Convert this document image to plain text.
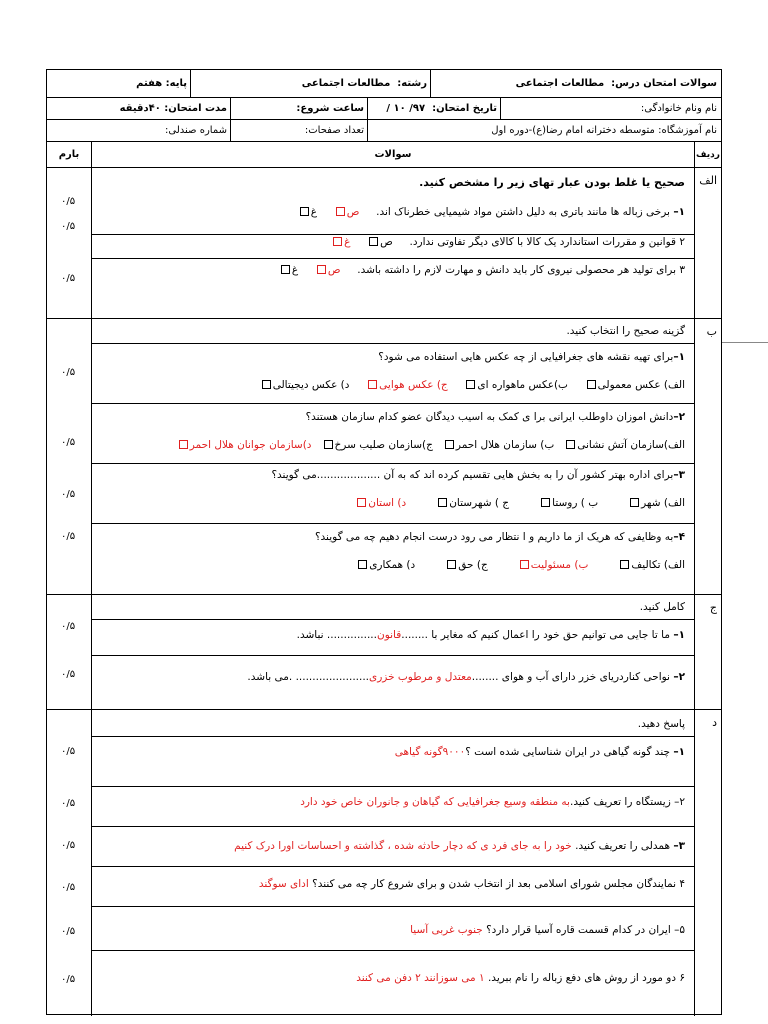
سوالات امتحان درس:

مطالعات اجتماعی
رشته:

مطالعات اجتماعی
پایه:

هفتم
نام ونام خانوادگی:
تاریخ امتحان:

۹۷/ ۱۰ /
ساعت شروع:
مدت امتحان:

۴۰دقیقه
نام آموزشگاه:

متوسطه دخترانه امام رضا(ع)-دوره اول
تعداد صفحات:
شماره صندلی:
ردیف
سوالات
بارم
الف
صحیح یا غلط بودن عبار تهای زیر را مشخص کنید.
۰/۵
۱– برخی زباله ها مانند باتری به دلیل داشتن مواد شیمیایی خطرناک اند.     ص     غ
۰/۵
۲ قوانین و مقررات استاندارد یک کالا با کالای دیگر تفاوتی ندارد.     ص     غ
۰/۵
۳ برای تولید هر محصولی نیروی کار باید دانش و مهارت لازم را داشته باشد.     ص     غ
ب
گزینه صحیح را انتخاب کنید.
۰/۵
۱–برای تهیه نقشه های جغرافیایی از چه عکس هایی استفاده می شود؟
الف) عکس معمولی     ب)عکس ماهواره ای     ج) عکس هوایی     د) عکس دیجیتالی
۰/۵
۲–دانش اموزان داوطلب ایرانی برا ی کمک به اسیب دیدگان عضو کدام سازمان هستند؟
الف)سازمان آتش نشانی   ب) سازمان هلال احمر   ج)سازمان صلیب سرخ   د)سازمان جوانان هلال احمر
۰/۵
۳–برای اداره بهتر کشور آن را به بخش هایی تقسیم کرده اند که به آن ...................می گویند؟
الف) شهر         ب ) روستا         ج ) شهرستان         د) استان
۰/۵	۴–به وظایفی که هریک از ما داریم و ا نتظار می رود درست انجام دهیم چه می گویند؟
الف) تکالیف         ب) مسئولیت         ج) حق         د) همکاری
ج
کامل کنید.
۰/۵
۱– ما تا جایی می توانیم حق خود را اعمال کنیم که مغایر با ........قانون............... نباشد.
۰/۵	۲– نواحی کناردریای خزر دارای آب و هوای ........معتدل و مرطوب خزری...................... .می باشد.
د
پاسخ دهید.
۰/۵	۱– چند گونه گیاهی در ایران شناسایی شده است ؟۹۰۰۰گونه گیاهی
۰/۵	۲– زیستگاه را تعریف کنید.به منطقه وسیع جغرافیایی که گیاهان و جانوران خاص خود دارد
۰/۵	۳– همدلی را تعریف کنید. خود را به جای فرد ی که دچار حادثه شده ، گذاشته و احساسات اورا درک کنیم
۰/۵	۴ نمایندگان مجلس شورای اسلامی بعد از انتخاب شدن و برای شروع کار چه می کنند؟ ادای سوگند
۰/۵	۵– ایران در کدام قسمت قاره آسیا قرار دارد؟ جنوب غربی آسیا
۰/۵	۶ دو مورد از روش های دفع زباله را نام ببرید. ۱ می سوزانند ۲ دفن می کنند
